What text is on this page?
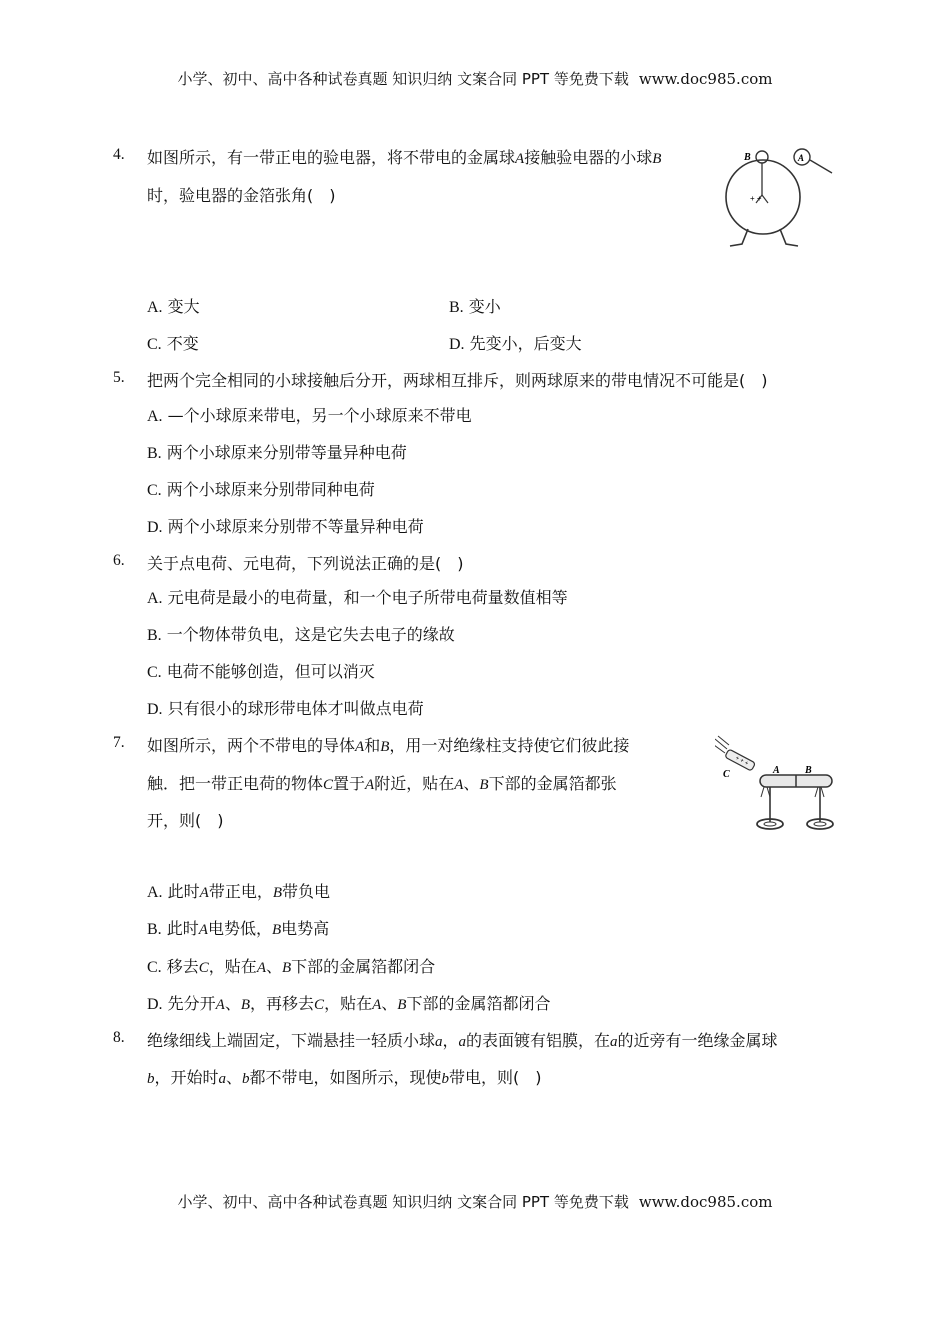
小学、初中、高中各种试卷真题 知识归纳 文案合同 PPT 等免费下载 www.doc985.com
4. 如图所示，有一带正电的验电器，将不带电的金属球A接触验电器的小球B
时，验电器的金箔张角(　)	+ +
B	A
A. 变大	B. 变小
C. 不变	D. 先变小，后变大
5. 把两个完全相同的小球接触后分开，两球相互排斥，则两球原来的带电情况不可能是(　)
A. —个小球原来带电，另一个小球原来不带电
B. 两个小球原来分别带等量异种电荷
C. 两个小球原来分别带同种电荷
D. 两个小球原来分别带不等量异种电荷
6. 关于点电荷、元电荷，下列说法正确的是(　)
A. 元电荷是最小的电荷量，和一个电子所带电荷量数值相等
B. 一个物体带负电，这是它失去电子的缘故
C. 电荷不能够创造，但可以消灭
D. 只有很小的球形带电体才叫做点电荷
7. 如图所示，两个不带电的导体A和B，用一对绝缘柱支持使它们彼此接
触．把一带正电荷的物体C置于A附近，贴在A、B下部的金属箔都张
开，则(　)
+ + +
C	A	B
A. 此时A带正电，B带负电
B. 此时A电势低，B电势高
C. 移去C，贴在A、B下部的金属箔都闭合
D. 先分开A、B，再移去C，贴在A、B下部的金属箔都闭合
8. 绝缘细线上端固定，下端悬挂一轻质小球a，a的表面镀有铝膜，在a的近旁有一绝缘金属球
b，开始时a、b都不带电，如图所示，现使b带电，则(　)
小学、初中、高中各种试卷真题 知识归纳 文案合同 PPT 等免费下载 www.doc985.com
